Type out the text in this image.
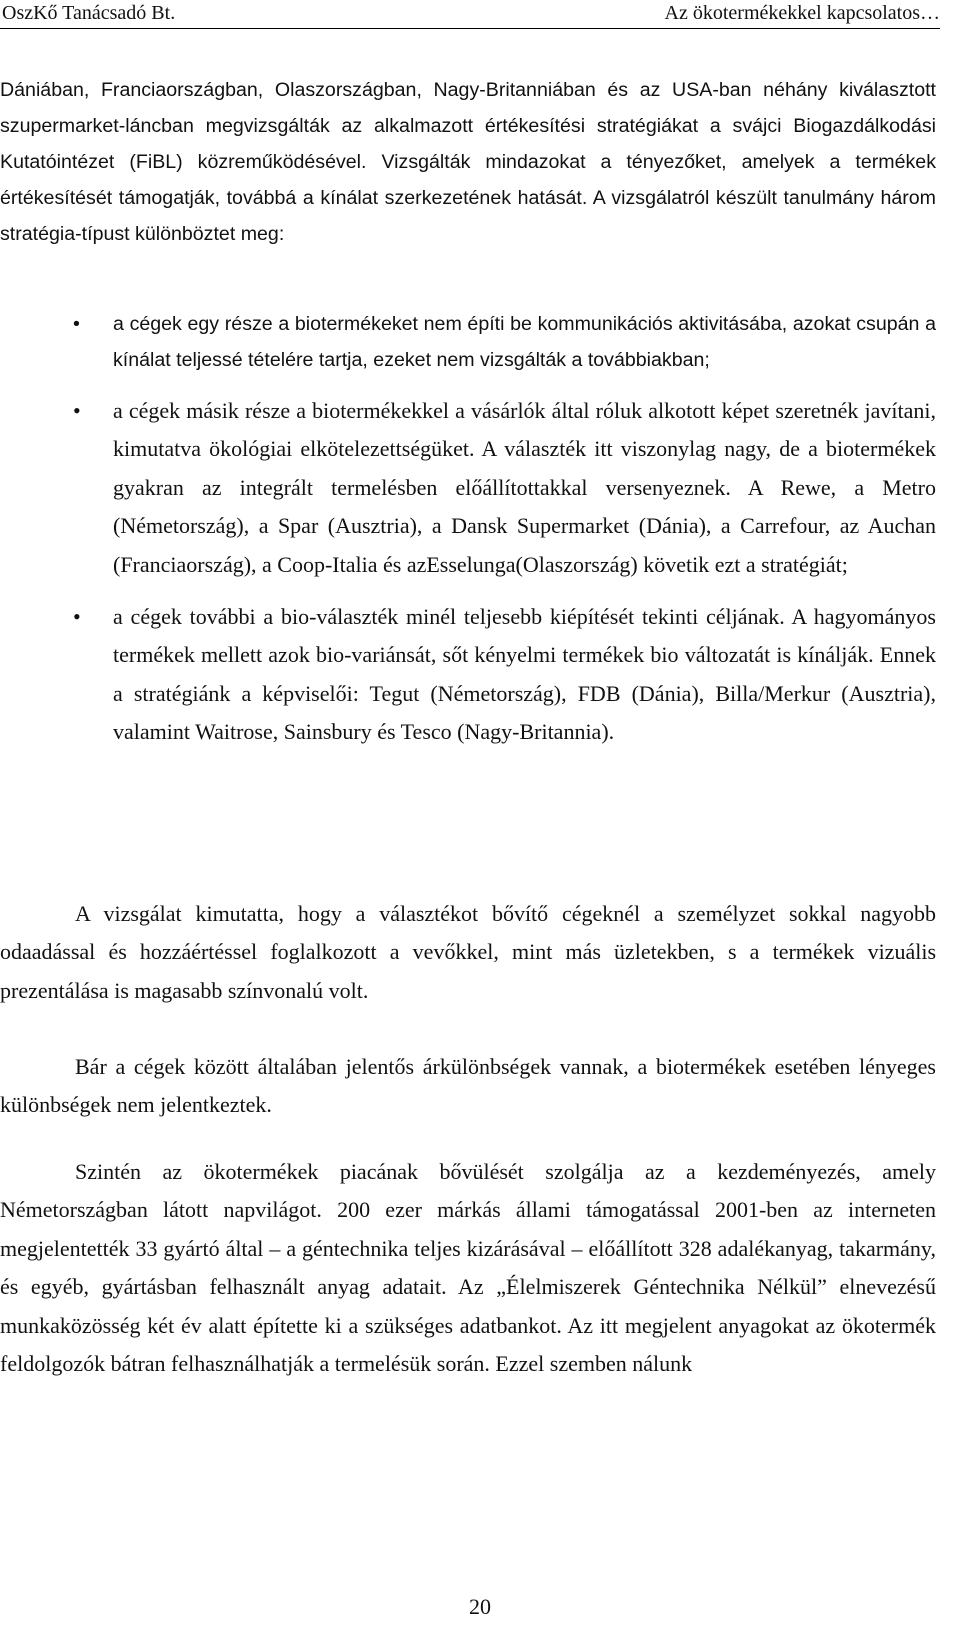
OszKő Tanácsadó Bt.	Az ökotermékekkel kapcsolatos…

Dániában, Franciaországban, Olaszországban, Nagy-Britanniában és az USA-ban néhány kiválasztott szupermarket-láncban megvizsgálták az alkalmazott értékesítési stratégiákat a svájci Biogazdálkodási Kutatóintézet (FiBL) közreműködésével. Vizsgálták mindazokat a tényezőket, amelyek a termékek értékesítését támogatják, továbbá a kínálat szerkezetének hatását. A vizsgálatról készült tanulmány három stratégia-típust különböztet meg:

• a cégek egy része a biotermékeket nem építi be kommunikációs aktivitásába, azokat csupán a kínálat teljessé tételére tartja, ezeket nem vizsgálták a továbbiakban;
• a cégek másik része a biotermékekkel a vásárlók által róluk alkotott képet szeretnék javítani, kimutatva ökológiai elkötelezettségüket. A választék itt viszonylag nagy, de a biotermékek gyakran az integrált termelésben előállítottakkal versenyeznek. A Rewe, a Metro (Németország), a Spar (Ausztria), a Dansk Supermarket (Dánia), a Carrefour, az Auchan (Franciaország), a Coop-Italia és azEsselunga(Olaszország) követik ezt a stratégiát;
• a cégek további a bio-választék minél teljesebb kiépítését tekinti céljának. A hagyományos termékek mellett azok bio-variánsát, sőt kényelmi termékek bio változatát is kínálják. Ennek a stratégiánk a képviselői: Tegut (Németország), FDB (Dánia), Billa/Merkur (Ausztria), valamint Waitrose, Sainsbury és Tesco (Nagy-Britannia).

A vizsgálat kimutatta, hogy a választékot bővítő cégeknél a személyzet sokkal nagyobb odaadással és hozzáértéssel foglalkozott a vevőkkel, mint más üzletekben, s a termékek vizuális prezentálása is magasabb színvonalú volt.

Bár a cégek között általában jelentős árkülönbségek vannak, a biotermékek esetében lényeges különbségek nem jelentkeztek.

Szintén az ökotermékek piacának bővülését szolgálja az a kezdeményezés, amely Németországban látott napvilágot. 200 ezer márkás állami támogatással 2001-ben az interneten megjelentették 33 gyártó által – a géntechnika teljes kizárásával – előállított 328 adalékanyag, takarmány, és egyéb, gyártásban felhasznált anyag adatait. Az „Élelmiszerek Géntechnika Nélkül” elnevezésű munkaközösség két év alatt építette ki a szükséges adatbankot. Az itt megjelent anyagokat az ökotermék feldolgozók bátran felhasználhatják a termelésük során. Ezzel szemben nálunk

20
